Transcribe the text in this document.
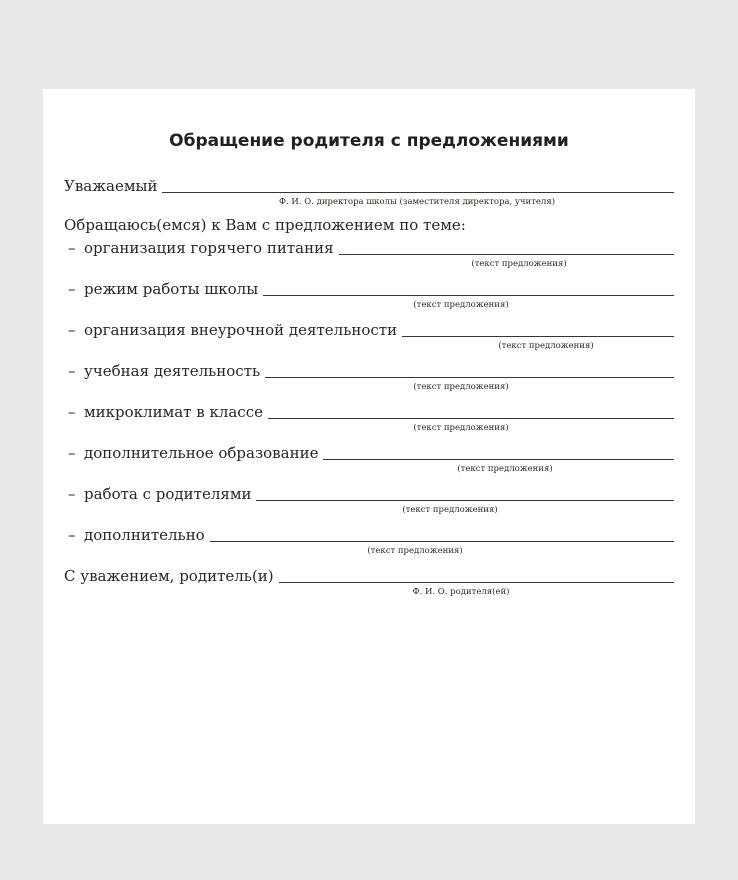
Обращение родителя с предложениями
Уважаемый
Ф. И. О. директора школы (заместителя директора, учителя)
Обращаюсь(емся) к Вам с предложением по теме:
– организация горячего питания
(текст предложения)
– режим работы школы
(текст предложения)
– организация внеурочной деятельности
(текст предложения)
– учебная деятельность
(текст предложения)
– микроклимат в классе
(текст предложения)
– дополнительное образование
(текст предложения)
– работа с родителями
(текст предложения)
– дополнительно
(текст предложения)
С уважением, родитель(и)
Ф. И. О. родителя(ей)
